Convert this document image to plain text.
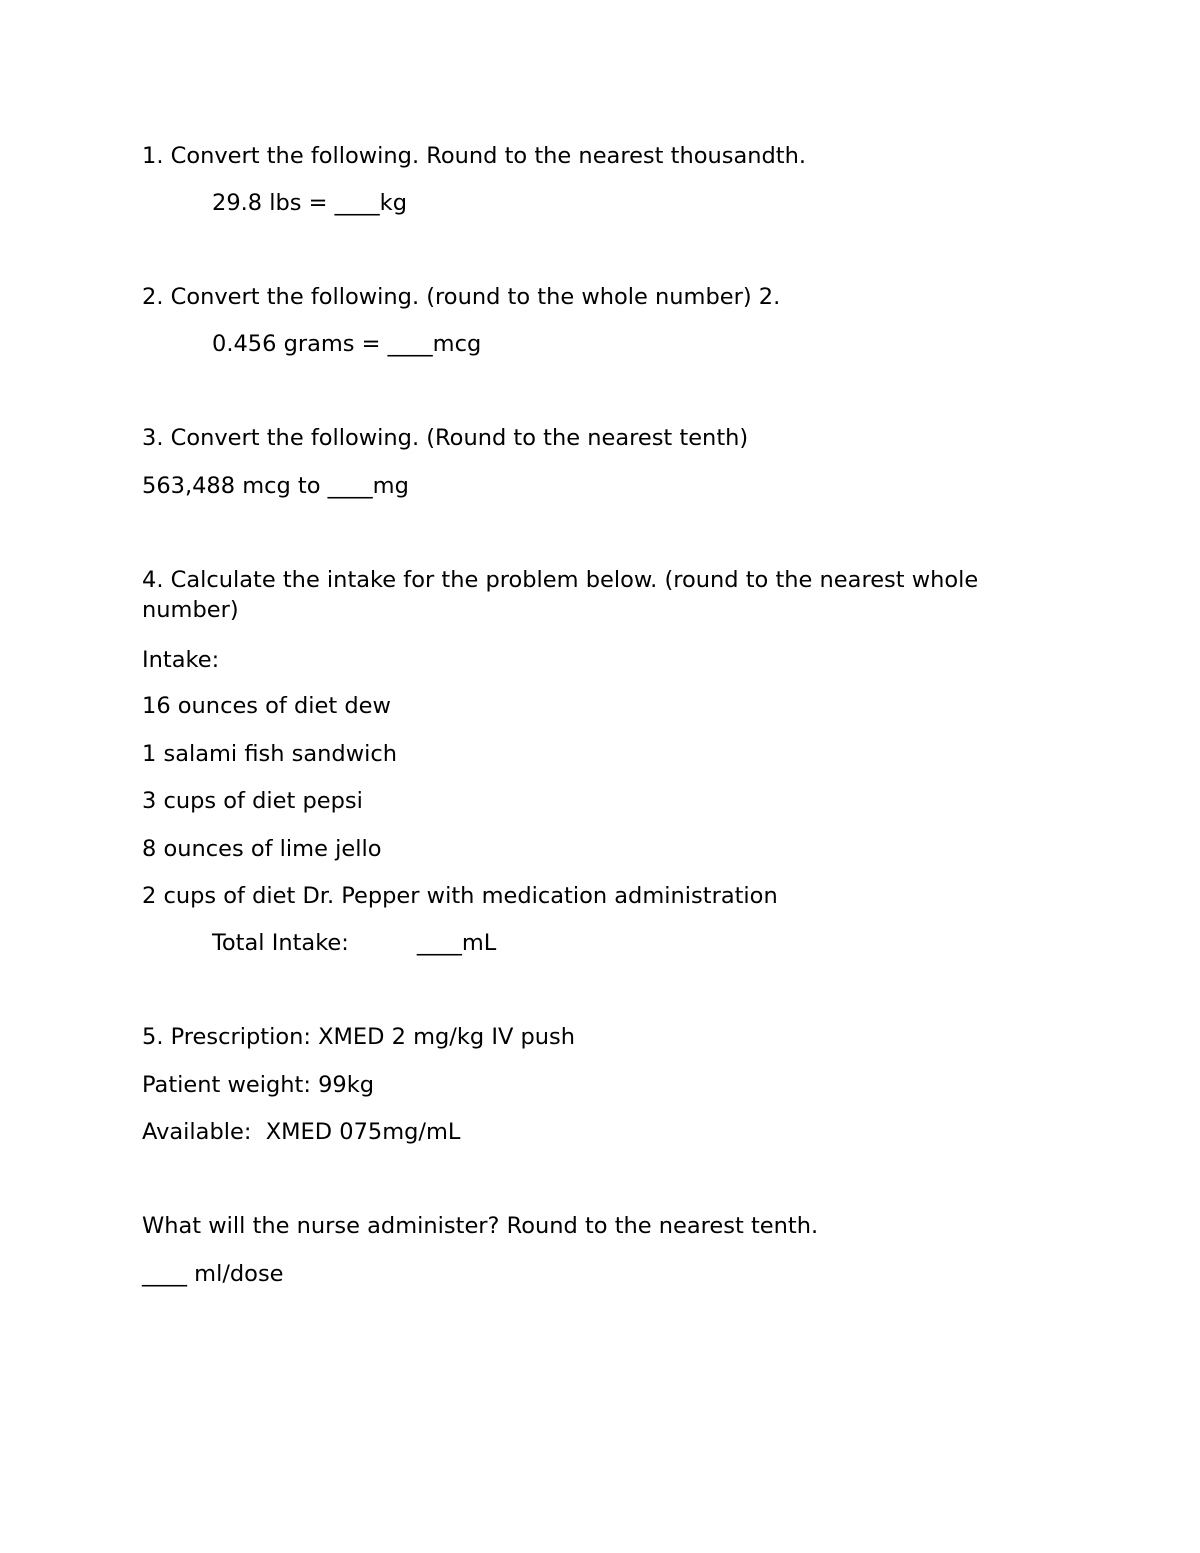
1. Convert the following. Round to the nearest thousandth.

29.8 lbs = ____kg

2. Convert the following. (round to the whole number) 2.

0.456 grams = ____mcg

3. Convert the following. (Round to the nearest tenth)

563,488 mcg to ____mg

4. Calculate the intake for the problem below. (round to the nearest whole number)

Intake:

16 ounces of diet dew

1 salami fish sandwich

3 cups of diet pepsi

8 ounces of lime jello

2 cups of diet Dr. Pepper with medication administration

Total Intake:	____mL

5. Prescription: XMED 2 mg/kg IV push

Patient weight: 99kg

Available:  XMED 075mg/mL

What will the nurse administer? Round to the nearest tenth.

____ ml/dose
